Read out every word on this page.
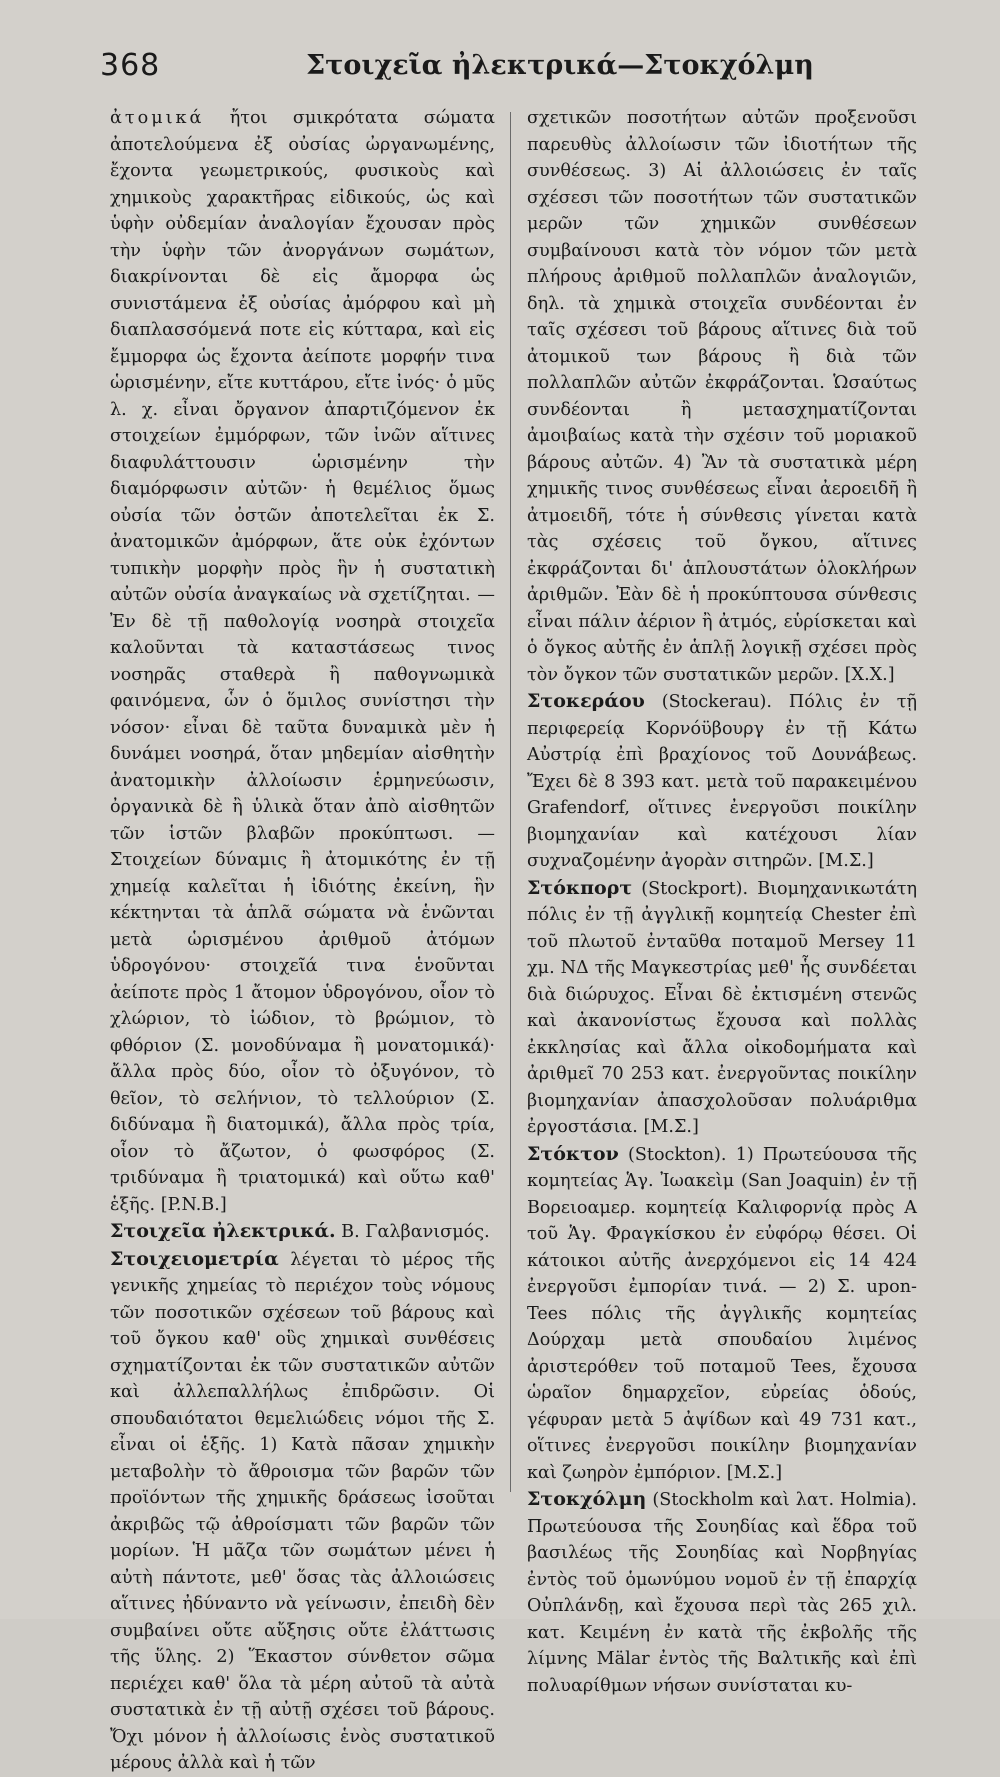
368	Στοιχεῖα ἠλεκτρικά—Στοκχόλμη

ἀτομικά ἤτοι σμικρότατα σώματα ἀποτελούμενα ἐξ οὐσίας ὠργανωμένης, ἔχοντα γεωμετρικούς, φυσικοὺς καὶ χημικοὺς χαρακτῆρας εἰδικούς, ὡς καὶ ὑφὴν οὐδεμίαν ἀναλογίαν ἔχουσαν πρὸς τὴν ὑφὴν τῶν ἀνοργάνων σωμάτων, διακρίνονται δὲ εἰς ἄμορφα ὡς συνιστάμενα ἐξ οὐσίας ἀμόρφου καὶ μὴ διαπλασσόμενά ποτε εἰς κύτταρα, καὶ εἰς ἔμμορφα ὡς ἔχοντα ἀείποτε μορφήν τινα ὡρισμένην, εἴτε κυττάρου, εἴτε ἰνός· ὁ μῦς λ. χ. εἶναι ὄργανον ἀπαρτιζόμενον ἐκ στοιχείων ἐμμόρφων, τῶν ἰνῶν αἵτινες διαφυλάττουσιν ὡρισμένην τὴν διαμόρφωσιν αὐτῶν· ἡ θεμέλιος ὅμως οὐσία τῶν ὀστῶν ἀποτελεῖται ἐκ Σ. ἀνατομικῶν ἀμόρφων, ἅτε οὐκ ἐχόντων τυπικὴν μορφὴν πρὸς ἣν ἡ συστατικὴ αὐτῶν οὐσία ἀναγκαίως νὰ σχετίζηται. — Ἐν δὲ τῇ παθολογίᾳ νοσηρὰ στοιχεῖα καλοῦνται τὰ καταστάσεως τινος νοσηρᾶς σταθερὰ ἢ παθογνωμικὰ φαινόμενα, ὧν ὁ ὅμιλος συνίστησι τὴν νόσον· εἶναι δὲ ταῦτα δυναμικὰ μὲν ἡ δυνάμει νοσηρά, ὅταν μηδεμίαν αἰσθητὴν ἀνατομικὴν ἀλλοίωσιν ἑρμηνεύωσιν, ὀργανικὰ δὲ ἢ ὑλικὰ ὅταν ἀπὸ αἰσθητῶν τῶν ἱστῶν βλαβῶν προκύπτωσι. — Στοιχείων δύναμις ἢ ἀτομικότης ἐν τῇ χημείᾳ καλεῖται ἡ ἰδιότης ἐκείνη, ἣν κέκτηνται τὰ ἁπλᾶ σώματα νὰ ἑνῶνται μετὰ ὡρισμένου ἀριθμοῦ ἀτόμων ὑδρογόνου· στοιχεῖά τινα ἑνοῦνται ἀείποτε πρὸς 1 ἄτομον ὑδρογόνου, οἷον τὸ χλώριον, τὸ ἰώδιον, τὸ βρώμιον, τὸ φθόριον (Σ. μονοδύναμα ἢ μονατομικά)· ἄλλα πρὸς δύο, οἷον τὸ ὀξυγόνον, τὸ θεῖον, τὸ σελήνιον, τὸ τελλούριον (Σ. διδύναμα ἢ διατομικά), ἄλλα πρὸς τρία, οἷον τὸ ἄζωτον, ὁ φωσφόρος (Σ. τριδύναμα ἢ τριατομικά) καὶ οὕτω καθ' ἑξῆς. [P.N.B.]

Στοιχεῖα ἠλεκτρικά. Β. Γαλβανισμός.

Στοιχειομετρία λέγεται τὸ μέρος τῆς γενικῆς χημείας τὸ περιέχον τοὺς νόμους τῶν ποσοτικῶν σχέσεων τοῦ βάρους καὶ τοῦ ὄγκου καθ' οὓς χημικαὶ συνθέσεις σχηματίζονται ἐκ τῶν συστατικῶν αὐτῶν καὶ ἀλλεπαλλήλως ἐπιδρῶσιν. Οἱ σπουδαιότατοι θεμελιώδεις νόμοι τῆς Σ. εἶναι οἱ ἑξῆς. 1) Κατὰ πᾶσαν χημικὴν μεταβολὴν τὸ ἄθροισμα τῶν βαρῶν τῶν προϊόντων τῆς χημικῆς δράσεως ἰσοῦται ἀκριβῶς τῷ ἀθροίσματι τῶν βαρῶν τῶν μορίων. Ἡ μᾶζα τῶν σωμάτων μένει ἡ αὐτὴ πάντοτε, μεθ' ὅσας τὰς ἀλλοιώσεις αἵτινες ἠδύναντο νὰ γείνωσιν, ἐπειδὴ δὲν συμβαίνει οὔτε αὔξησις οὔτε ἐλάττωσις τῆς ὕλης. 2) Ἕκαστον σύνθετον σῶμα περιέχει καθ' ὅλα τὰ μέρη αὐτοῦ τὰ αὐτὰ συστατικὰ ἐν τῇ αὐτῇ σχέσει τοῦ βάρους. Ὄχι μόνον ἡ ἀλλοίωσις ἑνὸς συστατικοῦ μέρους ἀλλὰ καὶ ἡ τῶν

σχετικῶν ποσοτήτων αὐτῶν προξενοῦσι παρευθὺς ἀλλοίωσιν τῶν ἰδιοτήτων τῆς συνθέσεως. 3) Αἱ ἀλλοιώσεις ἐν ταῖς σχέσεσι τῶν ποσοτήτων τῶν συστατικῶν μερῶν τῶν χημικῶν συνθέσεων συμβαίνουσι κατὰ τὸν νόμον τῶν μετὰ πλήρους ἀριθμοῦ πολλαπλῶν ἀναλογιῶν, δηλ. τὰ χημικὰ στοιχεῖα συνδέονται ἐν ταῖς σχέσεσι τοῦ βάρους αἵτινες διὰ τοῦ ἀτομικοῦ των βάρους ἢ διὰ τῶν πολλαπλῶν αὐτῶν ἐκφράζονται. Ὡσαύτως συνδέονται ἢ μετασχηματίζονται ἀμοιβαίως κατὰ τὴν σχέσιν τοῦ μοριακοῦ βάρους αὐτῶν. 4) Ἂν τὰ συστατικὰ μέρη χημικῆς τινος συνθέσεως εἶναι ἀεροειδῆ ἢ ἀτμοειδῆ, τότε ἡ σύνθεσις γίνεται κατὰ τὰς σχέσεις τοῦ ὄγκου, αἵτινες ἐκφράζονται δι' ἁπλουστάτων ὁλοκλήρων ἀριθμῶν. Ἐὰν δὲ ἡ προκύπτουσα σύνθεσις εἶναι πάλιν ἀέριον ἢ ἀτμός, εὑρίσκεται καὶ ὁ ὄγκος αὐτῆς ἐν ἁπλῇ λογικῇ σχέσει πρὸς τὸν ὄγκον τῶν συστατικῶν μερῶν. [Χ.Χ.]

Στοκεράου (Stockerau). Πόλις ἐν τῇ περιφερείᾳ Κορνόϋβουργ ἐν τῇ Κάτω Αὐστρίᾳ ἐπὶ βραχίονος τοῦ Δουνάβεως. Ἔχει δὲ 8 393 κατ. μετὰ τοῦ παρακειμένου Grafendorf, οἵτινες ἐνεργοῦσι ποικίλην βιομηχανίαν καὶ κατέχουσι λίαν συχναζομένην ἀγορὰν σιτηρῶν. [Μ.Σ.]

Στόκπορτ (Stockport). Βιομηχανικωτάτη πόλις ἐν τῇ ἀγγλικῇ κομητείᾳ Chester ἐπὶ τοῦ πλωτοῦ ἐνταῦθα ποταμοῦ Mersey 11 χμ. ΝΔ τῆς Μαγκεστρίας μεθ' ἧς συνδέεται διὰ διώρυχος. Εἶναι δὲ ἐκτισμένη στενῶς καὶ ἀκανονίστως ἔχουσα καὶ πολλὰς ἐκκλησίας καὶ ἄλλα οἰκοδομήματα καὶ ἀριθμεῖ 70 253 κατ. ἐνεργοῦντας ποικίλην βιομηχανίαν ἀπασχολοῦσαν πολυάριθμα ἐργοστάσια. [Μ.Σ.]

Στόκτον (Stockton). 1) Πρωτεύουσα τῆς κομητείας Ἁγ. Ἰωακεὶμ (San Joaquin) ἐν τῇ Βορειοαμερ. κομητείᾳ Καλιφορνίᾳ πρὸς Α τοῦ Ἁγ. Φραγκίσκου ἐν εὐφόρῳ θέσει. Οἱ κάτοικοι αὐτῆς ἀνερχόμενοι εἰς 14 424 ἐνεργοῦσι ἐμπορίαν τινά. — 2) Σ. upon-Tees πόλις τῆς ἀγγλικῆς κομητείας Δούρχαμ μετὰ σπουδαίου λιμένος ἀριστερόθεν τοῦ ποταμοῦ Tees, ἔχουσα ὡραῖον δημαρχεῖον, εὐρείας ὁδούς, γέφυραν μετὰ 5 ἀψίδων καὶ 49 731 κατ., οἵτινες ἐνεργοῦσι ποικίλην βιομηχανίαν καὶ ζωηρὸν ἐμπόριον. [Μ.Σ.]

Στοκχόλμη (Stockholm καὶ λατ. Holmia). Πρωτεύουσα τῆς Σουηδίας καὶ ἕδρα τοῦ βασιλέως τῆς Σουηδίας καὶ Νορβηγίας ἐντὸς τοῦ ὁμωνύμου νομοῦ ἐν τῇ ἐπαρχίᾳ Οὐπλάνδῃ, καὶ ἔχουσα περὶ τὰς 265 χιλ. κατ. Κειμένη ἐν κατὰ τῆς ἐκβολῆς τῆς λίμνης Mälar ἐντὸς τῆς Βαλτικῆς καὶ ἐπὶ πολυαρίθμων νήσων συνίσταται κυ-
